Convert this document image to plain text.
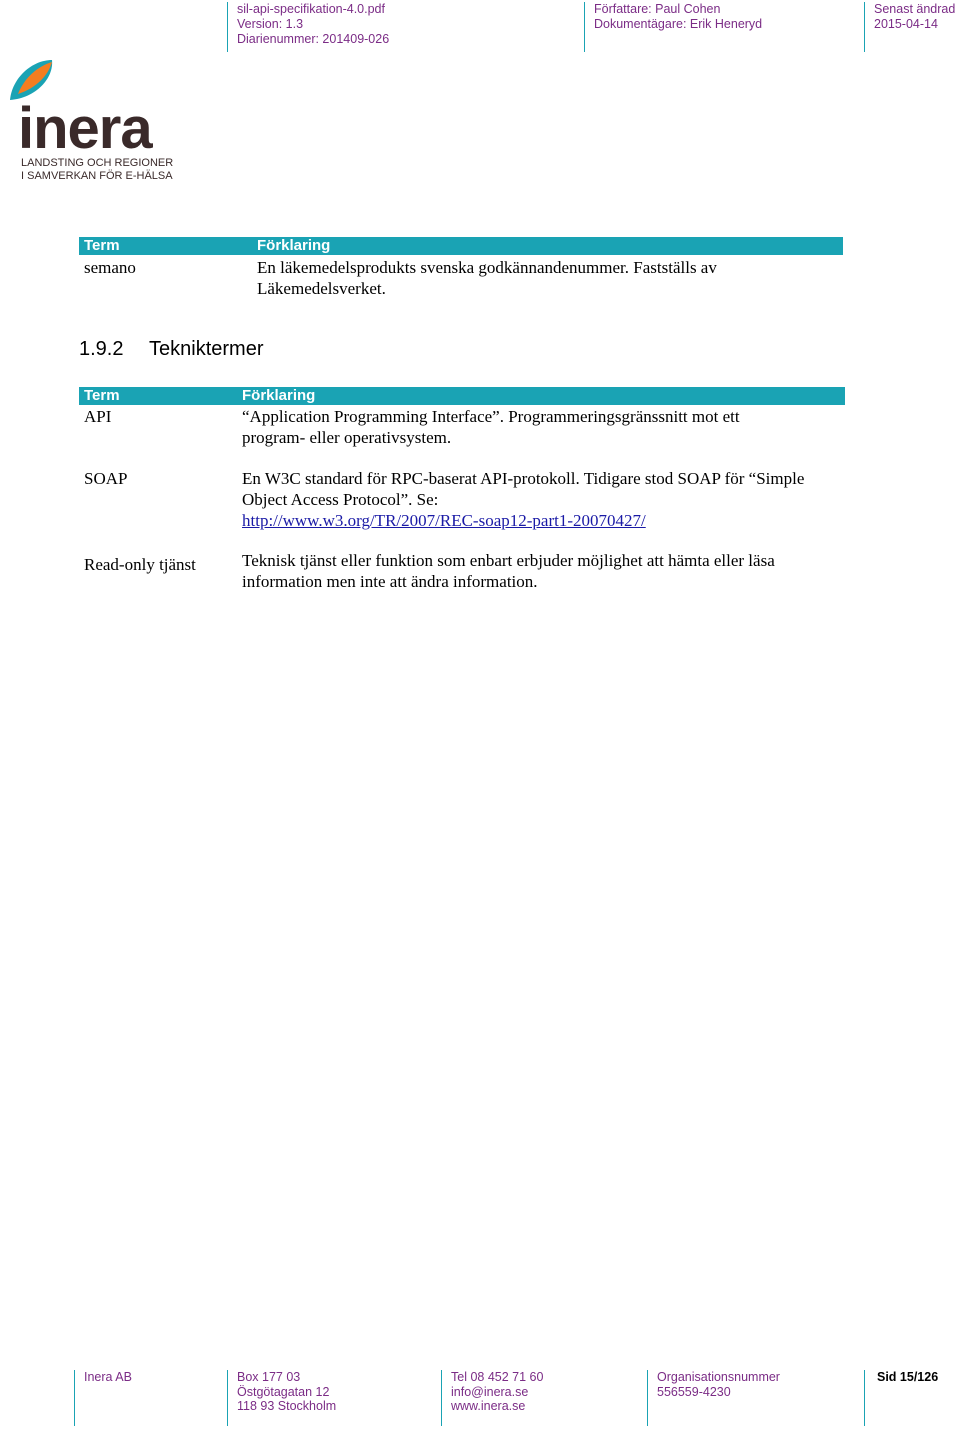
sil-api-specifikation-4.0.pdf
Version: 1.3
Diarienummer: 201409-026
Författare: Paul Cohen
Dokumentägare: Erik Heneryd
Senast ändrad
2015-04-14
inera
LANDSTING OCH REGIONER
I SAMVERKAN FÖR E-HÄLSA
Term	Förklaring
semano	En läkemedelsprodukts svenska godkännandenummer. Fastställs av
Läkemedelsverket.
1.9.2 Tekniktermer
Term	Förklaring
API	“Application Programming Interface”. Programmeringsgränssnitt mot ett
program- eller operativsystem.
SOAP	En W3C standard för RPC-baserat API-protokoll. Tidigare stod SOAP för “Simple
Object Access Protocol”. Se:
http://www.w3.org/TR/2007/REC-soap12-part1-20070427/
Read-only tjänst	Teknisk tjänst eller funktion som enbart erbjuder möjlighet att hämta eller läsa
information men inte att ändra information.
Inera AB	Box 177 03
Östgötagatan 12
118 93 Stockholm
Tel 08 452 71 60
info@inera.se
www.inera.se
Organisationsnummer
556559-4230
Sid 15/126
